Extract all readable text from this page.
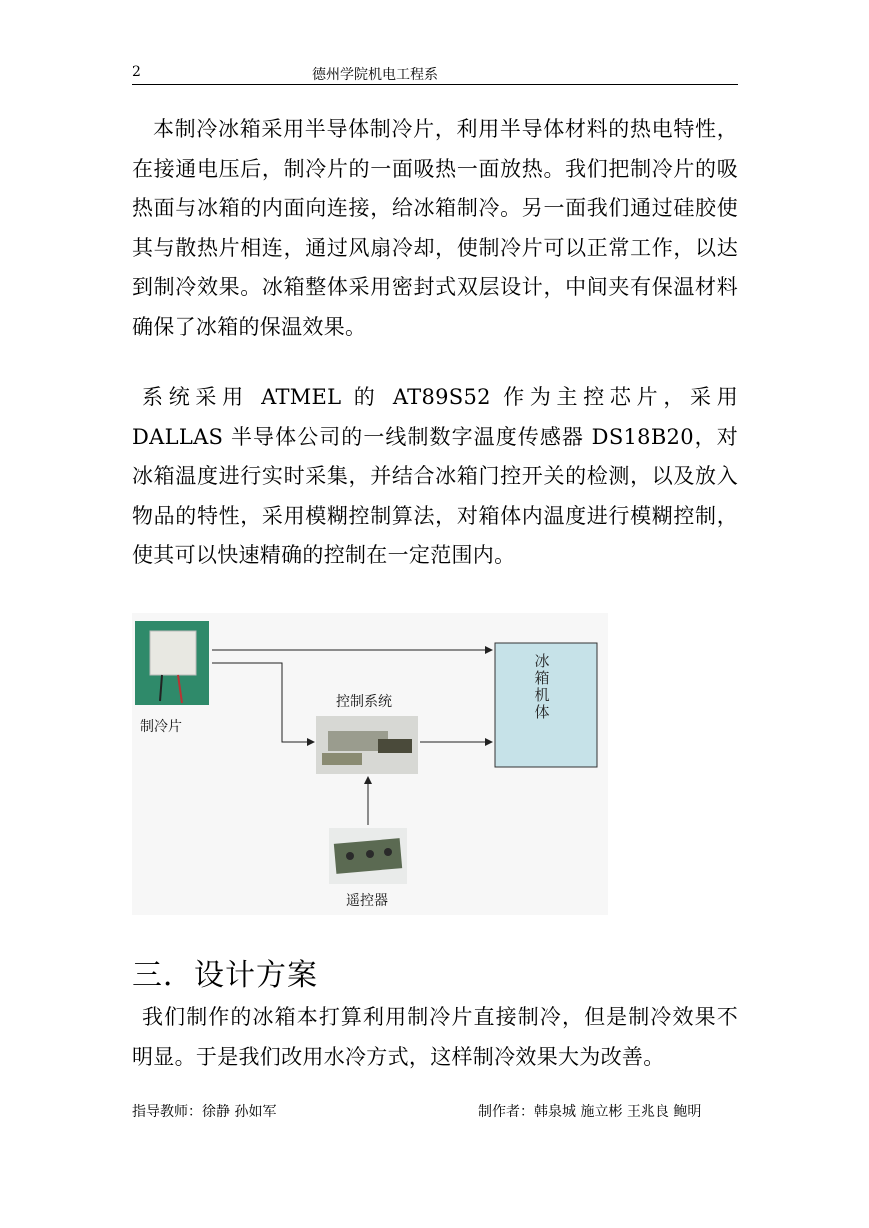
2	德州学院机电工程系

本制冷冰箱采用半导体制冷片，利用半导体材料的热电特性，在接通电压后，制冷片的一面吸热一面放热。我们把制冷片的吸热面与冰箱的内面向连接，给冰箱制冷。另一面我们通过硅胶使其与散热片相连，通过风扇冷却，使制冷片可以正常工作，以达到制冷效果。冰箱整体采用密封式双层设计，中间夹有保温材料确保了冰箱的保温效果。

系统采用 ATMEL 的 AT89S52 作为主控芯片，采用 DALLAS 半导体公司的一线制数字温度传感器 DS18B20，对冰箱温度进行实时采集，并结合冰箱门控开关的检测，以及放入物品的特性，采用模糊控制算法，对箱体内温度进行模糊控制，使其可以快速精确的控制在一定范围内。

制冷片
控制系统
遥控器
冰箱机体
三．设计方案

我们制作的冰箱本打算利用制冷片直接制冷，但是制冷效果不明显。于是我们改用水冷方式，这样制冷效果大为改善。

指导教师：徐静 孙如军	制作者：韩泉城 施立彬 王兆良 鲍明
